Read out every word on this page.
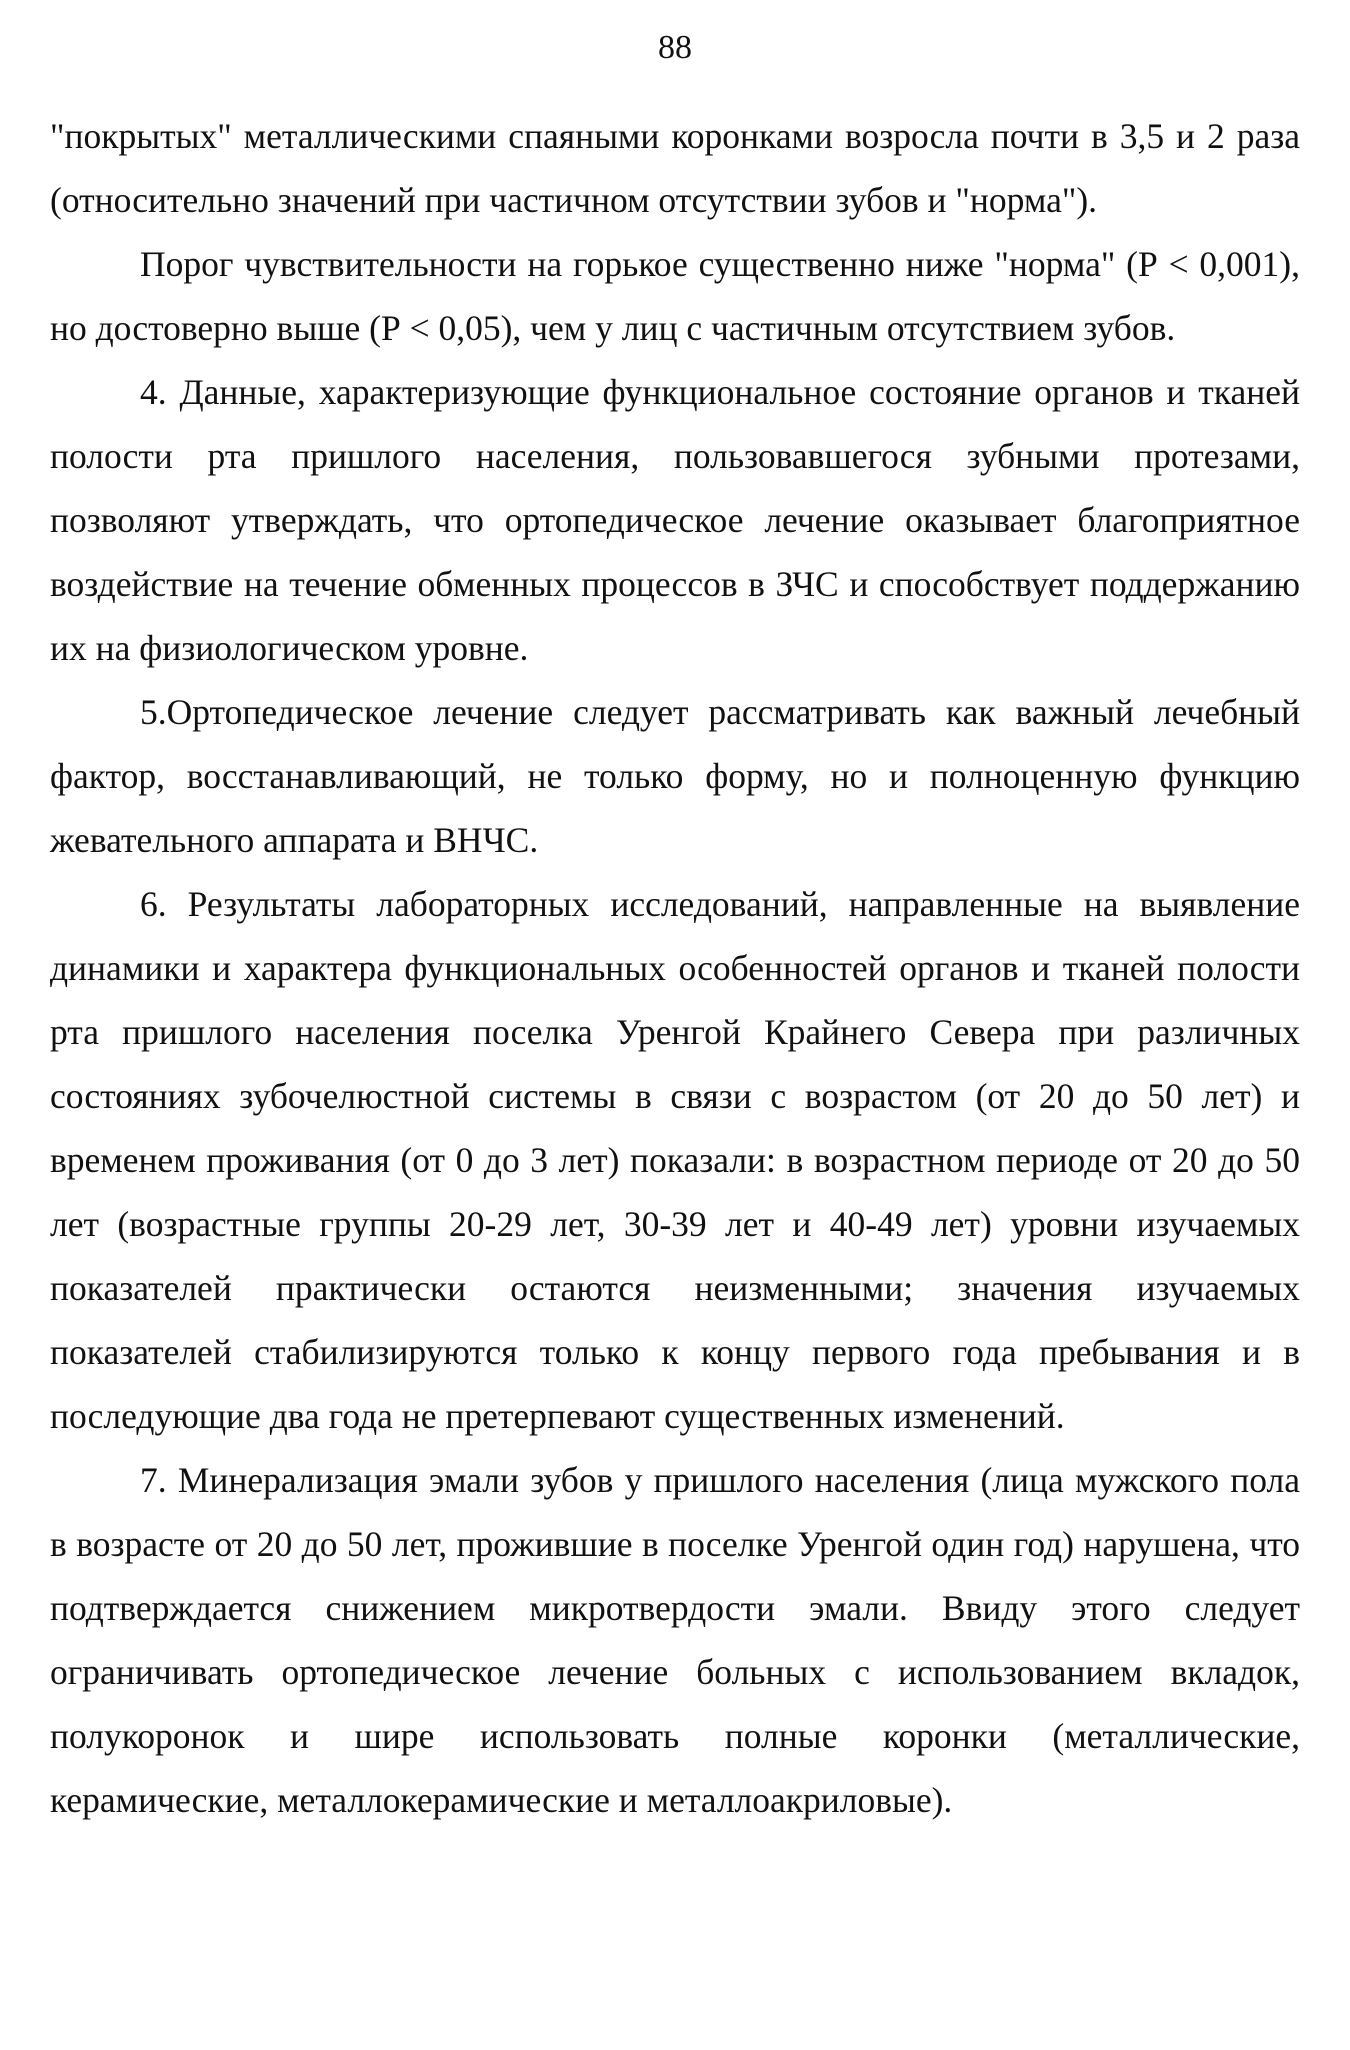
88

"покрытых" металлическими спаяными коронками возросла почти в 3,5 и 2 раза (относительно значений при частичном отсутствии зубов и "норма").

Порог чувствительности на горькое существенно ниже "норма" (Р < 0,001), но достоверно выше (Р < 0,05), чем у лиц с частичным отсутствием зубов.

4. Данные, характеризующие функциональное состояние органов и тканей полости рта пришлого населения, пользовавшегося зубными протезами, позволяют утверждать, что ортопедическое лечение оказывает благоприятное воздействие на течение обменных процессов в ЗЧС и способствует поддержанию их на физиологическом уровне.

5.Ортопедическое лечение следует рассматривать как важный лечебный фактор, восстанавливающий, не только форму, но и полноценную функцию жевательного аппарата и ВНЧС.

6. Результаты лабораторных исследований, направленные на выявление динамики и характера функциональных особенностей органов и тканей полости рта пришлого населения поселка Уренгой Крайнего Севера при различных состояниях зубочелюстной системы в связи с возрастом (от 20 до 50 лет) и временем проживания (от 0 до 3 лет) показали: в возрастном периоде от 20 до 50 лет (возрастные группы 20-29 лет, 30-39 лет и 40-49 лет) уровни изучаемых показателей практически остаются неизменными; значения изучаемых показателей стабилизируются только к концу первого года пребывания и в последующие два года не претерпевают существенных изменений.

7. Минерализация эмали зубов у пришлого населения (лица мужского пола в возрасте от 20 до 50 лет, прожившие в поселке Уренгой один год) нарушена, что подтверждается снижением микротвердости эмали. Ввиду этого следует ограничивать ортопедическое лечение больных с использованием вкладок, полукоронок и шире использовать полные коронки (металлические, керамические, металлокерамические и металлоакриловые).
